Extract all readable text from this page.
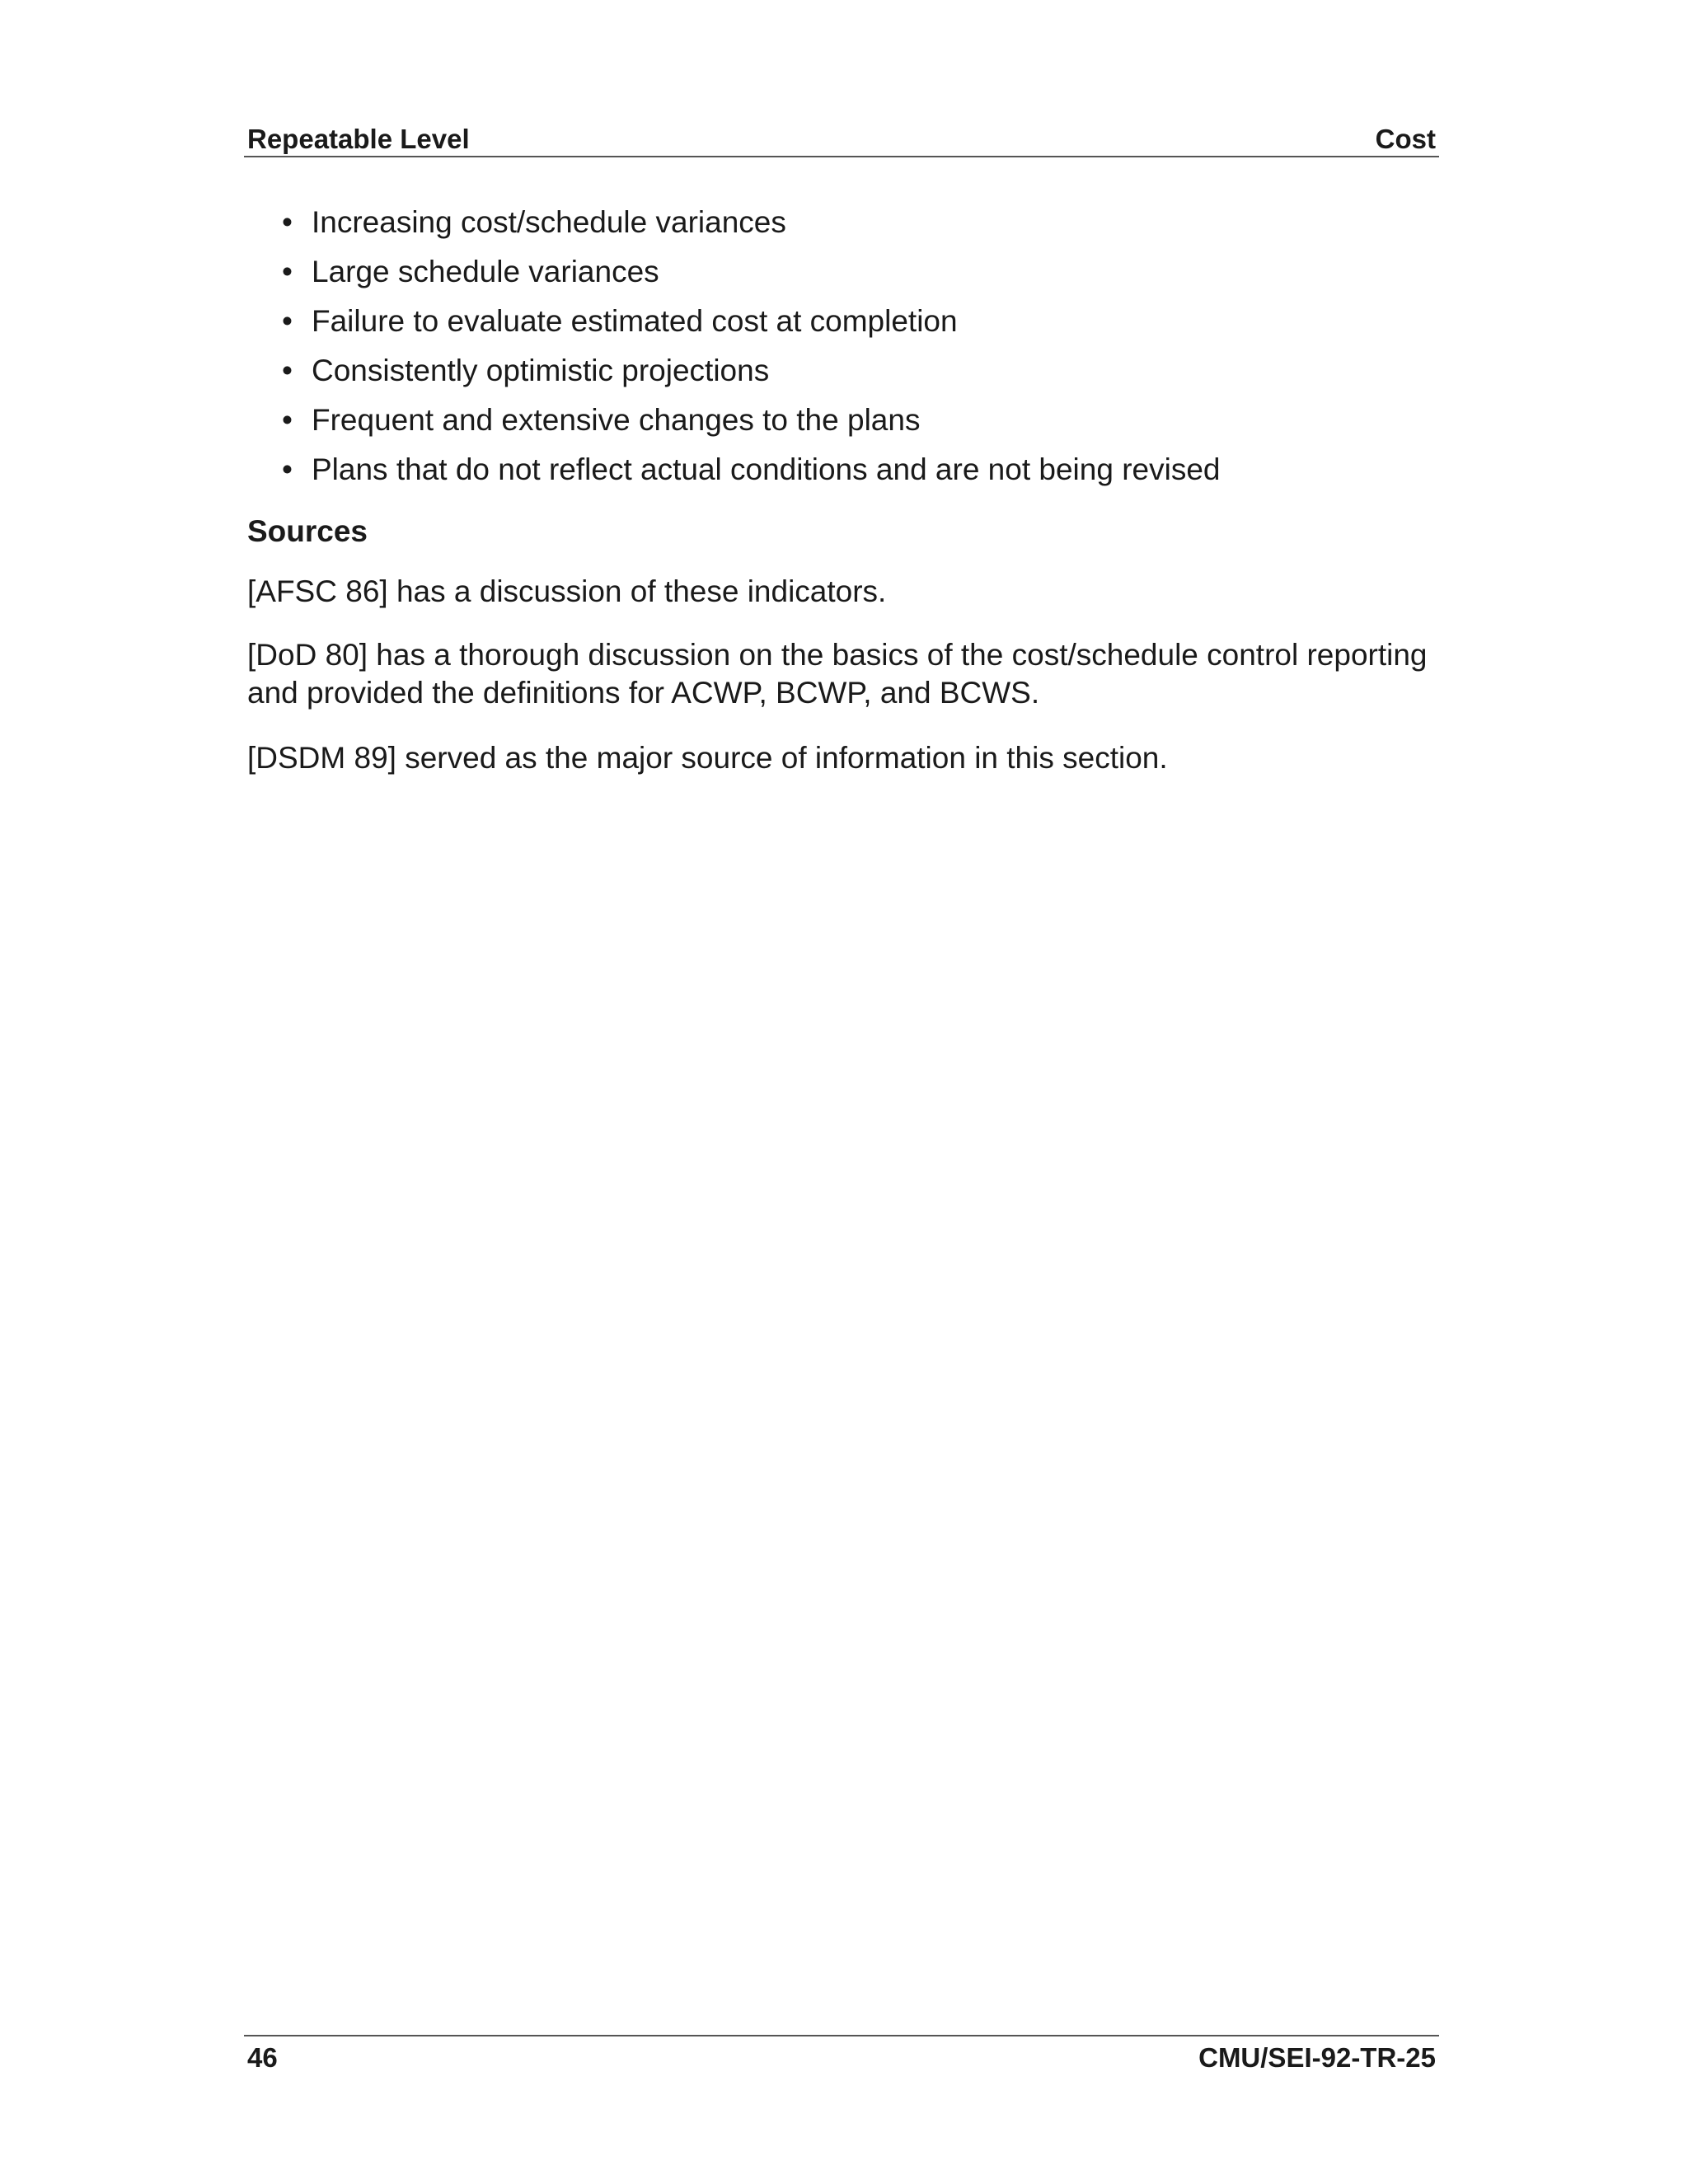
Repeatable Level	Cost
• Increasing cost/schedule variances
• Large schedule variances
• Failure to evaluate estimated cost at completion
• Consistently optimistic projections
• Frequent and extensive changes to the plans
• Plans that do not reflect actual conditions and are not being revised
Sources

[AFSC 86] has a discussion of these indicators.

[DoD 80] has a thorough discussion on the basics of the cost/schedule control reporting and provided the definitions for ACWP, BCWP, and BCWS.

[DSDM 89] served as the major source of information in this section.

46	CMU/SEI-92-TR-25
